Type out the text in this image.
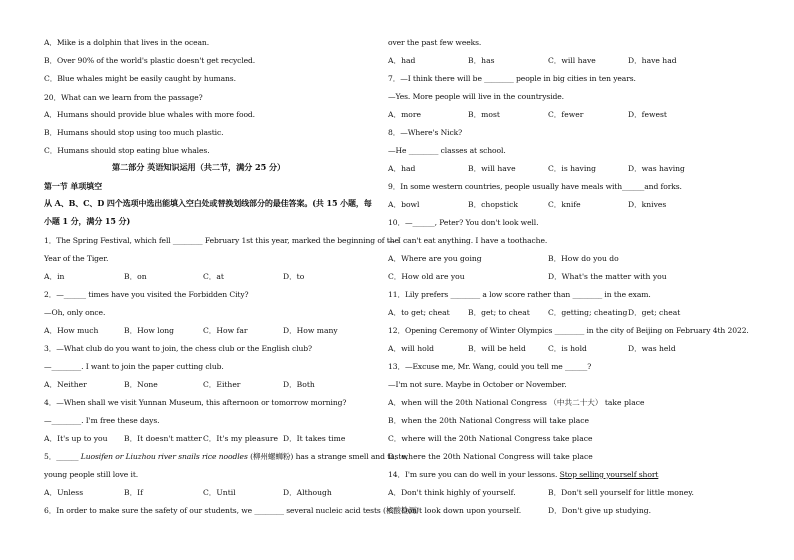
A．Mike is a dolphin that lives in the ocean.
B．Over 90% of the world's plastic doesn't get recycled.
C．Blue whales might be easily caught by humans.
20．What can we learn from the passage?
A．Humans should provide blue whales with more food.
B．Humans should stop using too much plastic.
C．Humans should stop eating blue whales.
第二部分 英语知识运用（共二节，满分 25 分）
第一节 单项填空
从 A、B、C、D 四个选项中选出能填入空白处或替换划线部分的最佳答案。(共 15 小题，每
小题 1 分，满分 15 分)
1．The Spring Festival, which fell ________ February 1st this year, marked the beginning of the
Year of the Tiger.
A．in	B．on	C．at	D．to
2．—______ times have you visited the Forbidden City?
—Oh, only once.
A．How much	B．How long	C．How far	D．How many
3．—What club do you want to join, the chess club or the English club?
—________. I want to join the paper cutting club.
A．Neither	B．None	C．Either	D．Both
4．—When shall we visit Yunnan Museum, this afternoon or tomorrow morning?
—________. I'm free these days.
A．It's up to you B．It doesn't matter C．It's my pleasure D．It takes time
5．______ Luosifen or Liuzhou river snails rice noodles (柳州螺蛳粉) has a strange smell and taste,
young people still love it.
A．Unless	B．If	C．Until	D．Although
6．In order to make sure the safety of our students, we ________ several nucleic acid tests (核酸检测)
over the past few weeks.
A．had	B．has	C．will have	D．have had
7．—I think there will be ________ people in big cities in ten years.
—Yes. More people will live in the countryside.
A．more	B．most	C．fewer	D．fewest
8．—Where's Nick?
—He ________ classes at school.
A．had	B．will have	C．is having	D．was having
9．In some western countries, people usually have meals with______and forks.
A．bowl	B．chopstick	C．knife	D．knives
10．—______, Peter? You don't look well.
— I can't eat anything. I have a toothache.
A．Where are you going	B．How do you do
C．How old are you	D．What's the matter with you
11．Lily prefers ________ a low score rather than ________ in the exam.
A．to get; cheat B．get; to cheat C．getting; cheating D．get; cheat
12．Opening Ceremony of Winter Olympics ________ in the city of Beijing on February 4th 2022.
A．will hold	B．will be held	C．is hold	D．was held
13．—Excuse me, Mr. Wang, could you tell me ______?
—I'm not sure. Maybe in October or November.
A．when will the 20th National Congress （中共二十大） take place
B．when the 20th National Congress will take place
C．where will the 20th National Congress take place
D．where the 20th National Congress will take place
14．I'm sure you can do well in your lessons. Stop selling yourself short
A．Don't think highly of yourself.	B．Don't sell yourself for little money.
C．Don't look down upon yourself.	D．Don't give up studying.
